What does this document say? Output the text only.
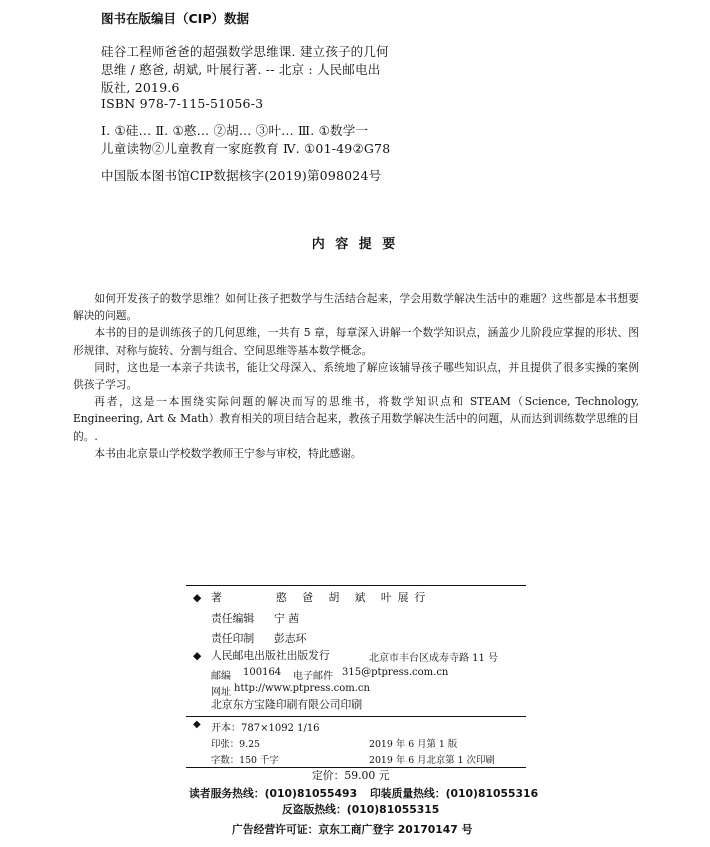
图书在版编目（CIP）数据
硅谷工程师爸爸的超强数学思维课. 建立孩子的几何
思维 / 憨爸, 胡斌, 叶展行著. -- 北京 : 人民邮电出
版社, 2019.6
ISBN 978-7-115-51056-3
Ⅰ. ①硅… Ⅱ. ①憨… ②胡… ③叶… Ⅲ. ①数学一
儿童读物②儿童教育一家庭教育 Ⅳ. ①01-49②G78
中国版本图书馆CIP数据核字(2019)第098024号
内 容 提 要

如何开发孩子的数学思维？如何让孩子把数学与生活结合起来，学会用数学解决生活中的难题？这些都是本书想要解决的问题。

本书的目的是训练孩子的几何思维，一共有 5 章，每章深入讲解一个数学知识点，涵盖少儿阶段应掌握的形状、图形规律、对称与旋转、分割与组合、空间思维等基本数学概念。

同时，这也是一本亲子共读书，能让父母深入、系统地了解应该辅导孩子哪些知识点，并且提供了很多实操的案例供孩子学习。

再者，这是一本围绕实际问题的解决而写的思维书，将数学知识点和 STEAM（Science, Technology, Engineering, Art & Math）教育相关的项目结合起来，教孩子用数学解决生活中的问题，从而达到训练数学思维的目的。.

本书由北京景山学校数学教师王宁参与审校，特此感谢。

◆ 著	憨 爸 胡 斌 叶展行
责任编辑 宁 茜
责任印制 彭志环
◆ 人民邮电出版社出版发行	北京市丰台区成寿寺路 11 号
邮编 100164 电子邮件 315@ptpress.com.cn
网址 http://www.ptpress.com.cn
北京东方宝隆印刷有限公司印刷
◆ 开本：787×1092 1/16
印张：9.25	2019 年 6 月第 1 版
字数：150 千字	2019 年 6 月北京第 1 次印刷
定价：59.00 元
读者服务热线：(010)81055493 印装质量热线：(010)81055316
反盗版热线：(010)81055315
广告经营许可证：京东工商广登字 20170147 号
